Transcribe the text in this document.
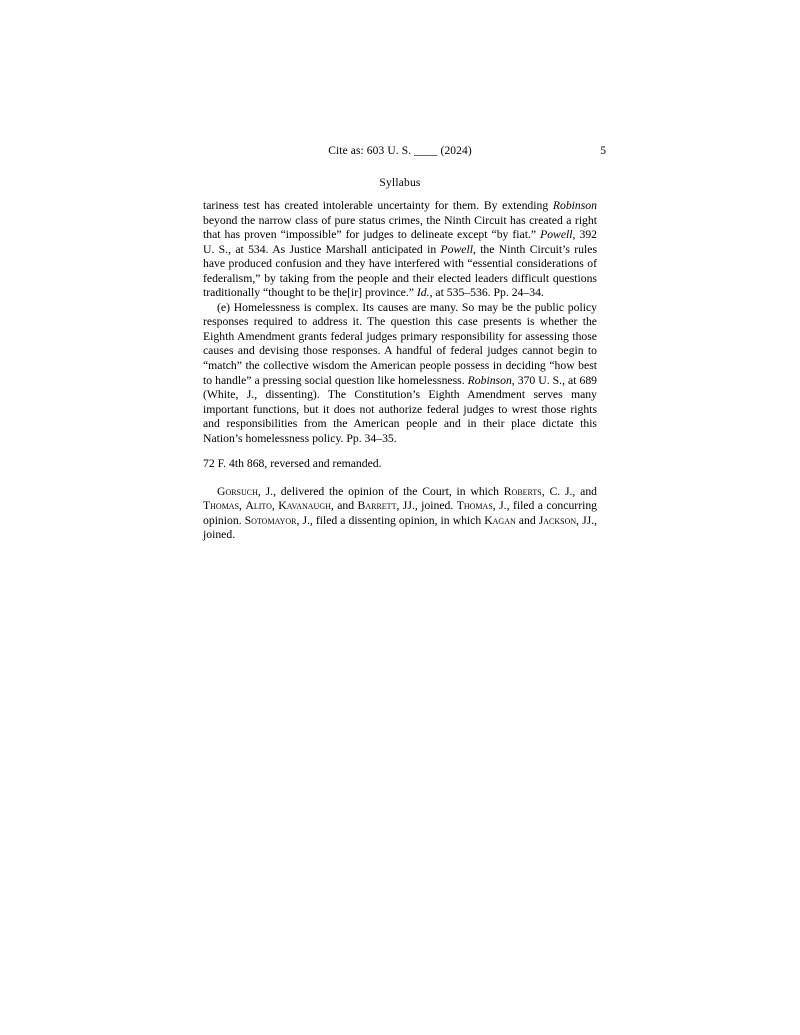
Cite as: 603 U. S. ____ (2024)	5
Syllabus

tariness test has created intolerable uncertainty for them. By extending Robinson beyond the narrow class of pure status crimes, the Ninth Circuit has created a right that has proven “impossible” for judges to delineate except “by fiat.” Powell, 392 U. S., at 534. As Justice Marshall anticipated in Powell, the Ninth Circuit’s rules have produced confusion and they have interfered with “essential considerations of federalism,” by taking from the people and their elected leaders difficult questions traditionally “thought to be the[ir] province.” Id., at 535–536. Pp. 24–34.

(e) Homelessness is complex. Its causes are many. So may be the public policy responses required to address it. The question this case presents is whether the Eighth Amendment grants federal judges primary responsibility for assessing those causes and devising those responses. A handful of federal judges cannot begin to “match” the collective wisdom the American people possess in deciding “how best to handle” a pressing social question like homelessness. Robinson, 370 U. S., at 689 (White, J., dissenting). The Constitution’s Eighth Amendment serves many important functions, but it does not authorize federal judges to wrest those rights and responsibilities from the American people and in their place dictate this Nation’s homelessness policy. Pp. 34–35.

72 F. 4th 868, reversed and remanded.
Gorsuch, J., delivered the opinion of the Court, in which Roberts, C. J., and Thomas, Alito, Kavanaugh, and Barrett, JJ., joined. Thomas, J., filed a concurring opinion. Sotomayor, J., filed a dissenting opinion, in which Kagan and Jackson, JJ., joined.
